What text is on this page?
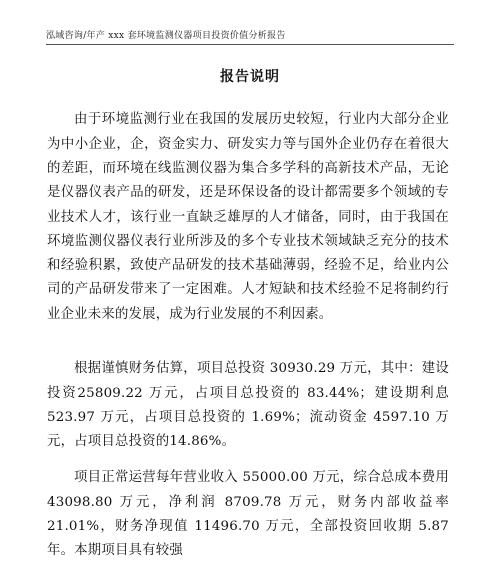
泓域咨询/年产 xxx 套环境监测仪器项目投资价值分析报告
报告说明

由于环境监测行业在我国的发展历史较短，行业内大部分企业为中小企业，企，资金实力、研发实力等与国外企业仍存在着很大的差距，而环境在线监测仪器为集合多学科的高新技术产品，无论是仪器仪表产品的研发，还是环保设备的设计都需要多个领域的专业技术人才，该行业一直缺乏雄厚的人才储备，同时，由于我国在环境监测仪器仪表行业所涉及的多个专业技术领域缺乏充分的技术和经验积累，致使产品研发的技术基础薄弱，经验不足，给业内公司的产品研发带来了一定困难。人才短缺和技术经验不足将制约行业企业未来的发展，成为行业发展的不利因素。

根据谨慎财务估算，项目总投资 30930.29 万元，其中：建设投资25809.22 万元，占项目总投资的 83.44%；建设期利息 523.97 万元，占项目总投资的 1.69%；流动资金 4597.10 万元，占项目总投资的14.86%。

项目正常运营每年营业收入 55000.00 万元，综合总成本费用43098.80 万元，净利润 8709.78 万元，财务内部收益率 21.01%，财务净现值 11496.70 万元，全部投资回收期 5.87 年。本期项目具有较强
